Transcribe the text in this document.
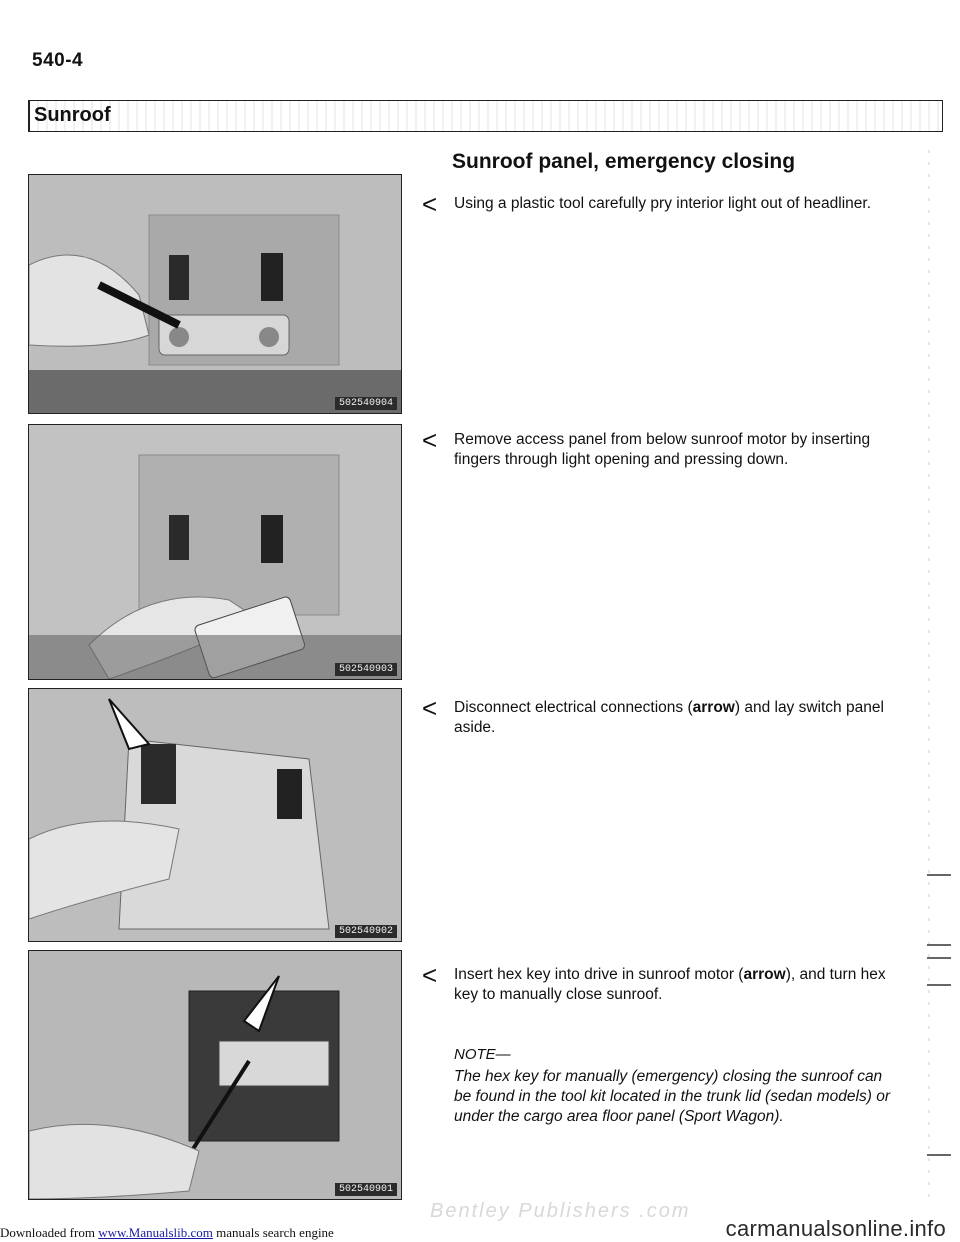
540-4
Sunroof
Sunroof panel, emergency closing
502540904
502540903
502540902
502540901
< Using a plastic tool carefully pry interior light out of headliner.
< Remove access panel from below sunroof motor by inserting fingers through light opening and pressing down.
< Disconnect electrical connections (arrow) and lay switch panel aside.
< Insert hex key into drive in sunroof motor (arrow), and turn hex key to manually close sunroof.
NOTE—
The hex key for manually (emergency) closing the sunroof can be found in the tool kit located in the trunk lid (sedan models) or under the cargo area floor panel (Sport Wagon).
Bentley Publishers .com
Downloaded from www.Manualslib.com manuals search engine	carmanualsonline.info
